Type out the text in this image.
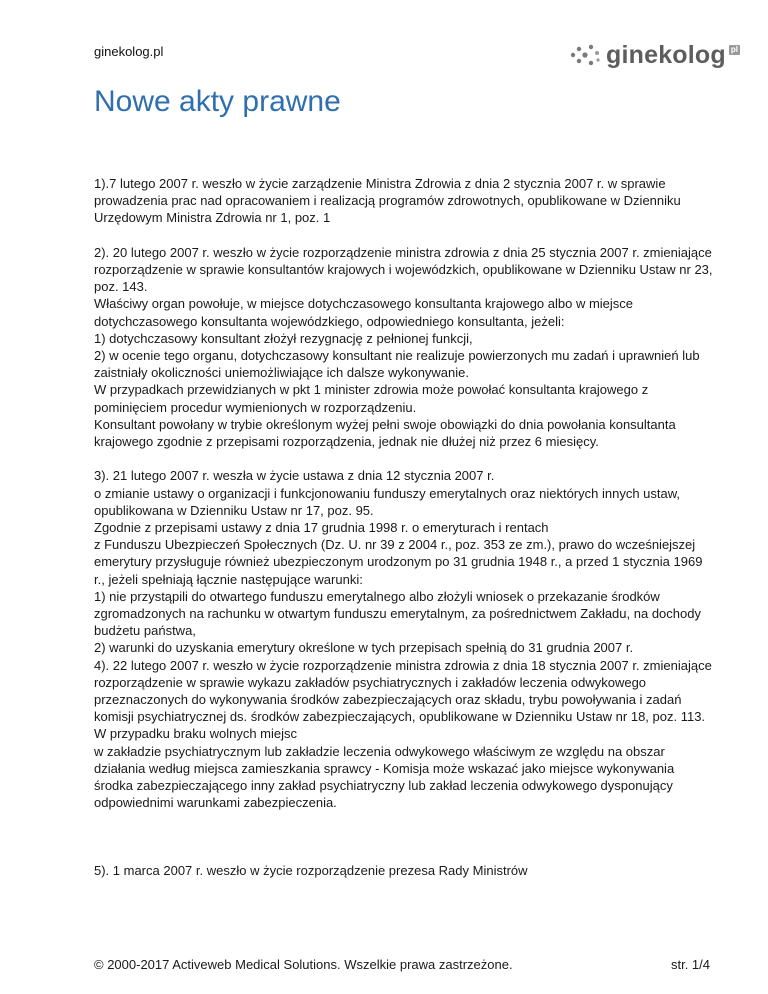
ginekolog.pl	ginekolog pl
Nowe akty prawne

1).7 lutego 2007 r. weszło w życie zarządzenie Ministra Zdrowia z dnia 2 stycznia 2007 r. w sprawie prowadzenia prac nad opracowaniem i realizacją programów zdrowotnych, opublikowane w Dzienniku Urzędowym Ministra Zdrowia nr 1, poz. 1

2). 20 lutego 2007 r. weszło w życie rozporządzenie ministra zdrowia z dnia 25 stycznia 2007 r. zmieniające rozporządzenie w sprawie konsultantów krajowych i wojewódzkich, opublikowane w Dzienniku Ustaw nr 23, poz. 143.
Właściwy organ powołuje, w miejsce dotychczasowego konsultanta krajowego albo w miejsce dotychczasowego konsultanta wojewódzkiego, odpowiedniego konsultanta, jeżeli:
1) dotychczasowy konsultant złożył rezygnację z pełnionej funkcji,
2) w ocenie tego organu, dotychczasowy konsultant nie realizuje powierzonych mu zadań i uprawnień lub zaistniały okoliczności uniemożliwiające ich dalsze wykonywanie.
W przypadkach przewidzianych w pkt 1 minister zdrowia może powołać konsultanta krajowego z pominięciem procedur wymienionych w rozporządzeniu.
Konsultant powołany w trybie określonym wyżej pełni swoje obowiązki do dnia powołania konsultanta krajowego zgodnie z przepisami rozporządzenia, jednak nie dłużej niż przez 6 miesięcy.

3). 21 lutego 2007 r. weszła w życie ustawa z dnia 12 stycznia 2007 r.
o zmianie ustawy o organizacji i funkcjonowaniu funduszy emerytalnych oraz niektórych innych ustaw, opublikowana w Dzienniku Ustaw nr 17, poz. 95.
Zgodnie z przepisami ustawy z dnia 17 grudnia 1998 r. o emeryturach i rentach
z Funduszu Ubezpieczeń Społecznych (Dz. U. nr 39 z 2004 r., poz. 353 ze zm.), prawo do wcześniejszej emerytury przysługuje również ubezpieczonym urodzonym po 31 grudnia 1948 r., a przed 1 stycznia 1969 r., jeżeli spełniają łącznie następujące warunki:
1) nie przystąpili do otwartego funduszu emerytalnego albo złożyli wniosek o przekazanie środków zgromadzonych na rachunku w otwartym funduszu emerytalnym, za pośrednictwem Zakładu, na dochody budżetu państwa,
2) warunki do uzyskania emerytury określone w tych przepisach spełnią do 31 grudnia 2007 r.
4). 22 lutego 2007 r. weszło w życie rozporządzenie ministra zdrowia z dnia 18 stycznia 2007 r. zmieniające rozporządzenie w sprawie wykazu zakładów psychiatrycznych i zakładów leczenia odwykowego przeznaczonych do wykonywania środków zabezpieczających oraz składu, trybu powoływania i zadań komisji psychiatrycznej ds. środków zabezpieczających, opublikowane w Dzienniku Ustaw nr 18, poz. 113.
W przypadku braku wolnych miejsc
w zakładzie psychiatrycznym lub zakładzie leczenia odwykowego właściwym ze względu na obszar działania według miejsca zamieszkania sprawcy - Komisja może wskazać jako miejsce wykonywania środka zabezpieczającego inny zakład psychiatryczny lub zakład leczenia odwykowego dysponujący odpowiednimi warunkami zabezpieczenia.

5). 1 marca 2007 r. weszło w życie rozporządzenie prezesa Rady Ministrów

© 2000-2017 Activeweb Medical Solutions. Wszelkie prawa zastrzeżone.	str. 1/4
